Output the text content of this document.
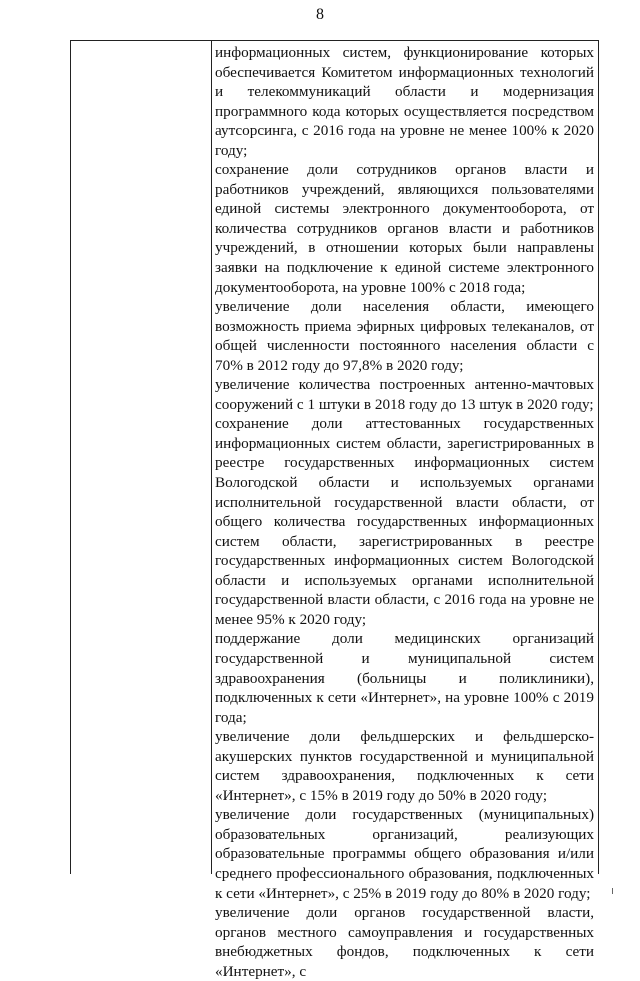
8

информационных систем, функционирование которых обеспечивается Комитетом информационных технологий и телекоммуникаций области и модернизация программного кода которых осуществляется посредством аутсорсинга, с 2016 года на уровне не менее 100% к 2020 году;

сохранение доли сотрудников органов власти и работников учреждений, являющихся пользователями единой системы электронного документооборота, от количества сотрудников органов власти и работников учреждений, в отношении которых были направлены заявки на подключение к единой системе электронного документооборота, на уровне 100% с 2018 года;

увеличение доли населения области, имеющего возможность приема эфирных цифровых телеканалов, от общей численности постоянного населения области с 70% в 2012 году до 97,8% в 2020 году;

увеличение количества построенных антенно-мачтовых сооружений с 1 штуки в 2018 году до 13 штук в 2020 году;

сохранение доли аттестованных государственных информационных систем области, зарегистрированных в реестре государственных информационных систем Вологодской области и используемых органами исполнительной государственной власти области, от общего количества государственных информационных систем области, зарегистрированных в реестре государственных информационных систем Вологодской области и используемых органами исполнительной государственной власти области, с 2016 года на уровне не менее 95% к 2020 году;

поддержание доли медицинских организаций государственной и муниципальной систем здравоохранения (больницы и поликлиники), подключенных к сети «Интернет», на уровне 100% с 2019 года;

увеличение доли фельдшерских и фельдшерско-акушерских пунктов государственной и муниципальной систем здравоохранения, подключенных к сети «Интернет», с 15% в 2019 году до 50% в 2020 году;

увеличение доли государственных (муниципальных) образовательных организаций, реализующих образовательные программы общего образования и/или среднего профессионального образования, подключенных к сети «Интернет», с 25% в 2019 году до 80% в 2020 году;

увеличение доли органов государственной власти, органов местного самоуправления и государственных внебюджетных фондов, подключенных к сети «Интернет», с
